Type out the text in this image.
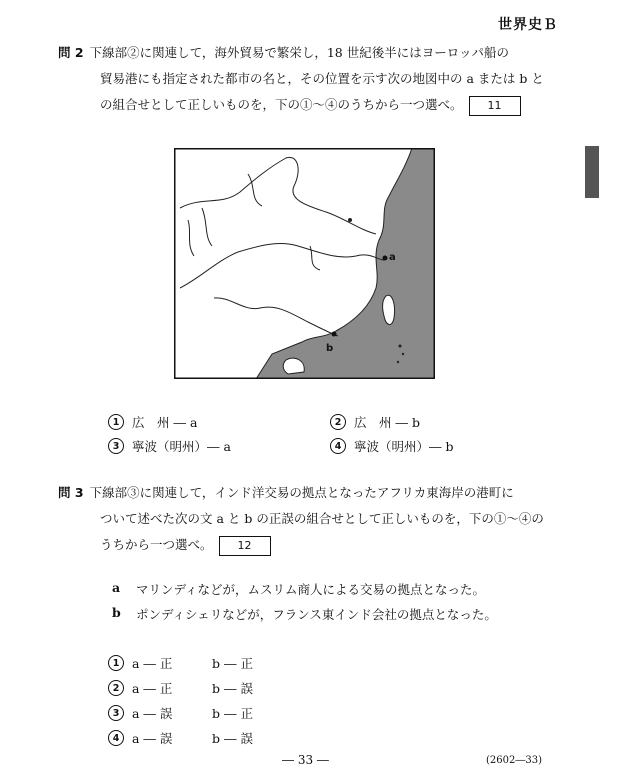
世界史Ｂ
問 2 下線部②に関連して，海外貿易で繁栄し，18 世紀後半にはヨーロッパ船の
貿易港にも指定された都市の名と，その位置を示す次の地図中の a または b と
の組合せとして正しいものを，下の①～④のうちから一つ選べ。 11
a
b
1	広　州 ― a	2	広　州 ― b
3	寧波（明州）― a	4	寧波（明州）― b
問 3 下線部③に関連して，インド洋交易の拠点となったアフリカ東海岸の港町に
ついて述べた次の文 a と b の正誤の組合せとして正しいものを，下の①～④の
うちから一つ選べ。 12
a	マリンディなどが，ムスリム商人による交易の拠点となった。
b ポンディシェリなどが，フランス東インド会社の拠点となった。
1	a ― 正	b ― 正
2	a ― 正	b ― 誤
3	a ― 誤	b ― 正
4	a ― 誤	b ― 誤
― 33 ―	(2602―33)
